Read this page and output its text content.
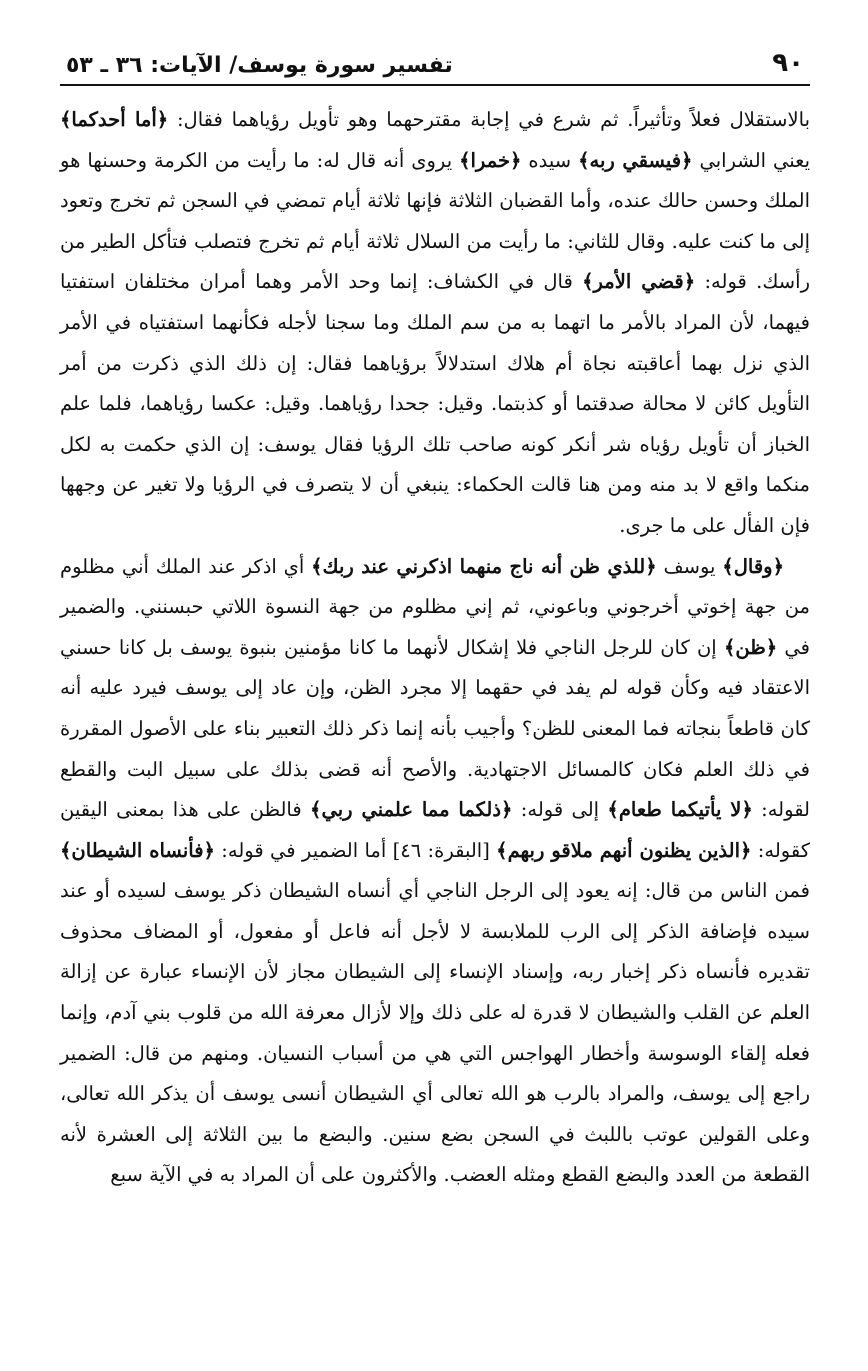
٩٠
تفسير سورة يوسف/ الآيات: ٣٦ ـ ٥٣

بالاستقلال فعلاً وتأثيراً. ثم شرع في إجابة مقترحهما وهو تأويل رؤياهما فقال: ﴿أما أحدكما﴾ يعني الشرابي ﴿فيسقي ربه﴾ سيده ﴿خمرا﴾ يروى أنه قال له: ما رأيت من الكرمة وحسنها هو الملك وحسن حالك عنده، وأما القضبان الثلاثة فإنها ثلاثة أيام تمضي في السجن ثم تخرج وتعود إلى ما كنت عليه. وقال للثاني: ما رأيت من السلال ثلاثة أيام ثم تخرج فتصلب فتأكل الطير من رأسك. قوله: ﴿قضي الأمر﴾ قال في الكشاف: إنما وحد الأمر وهما أمران مختلفان استفتيا فيهما، لأن المراد بالأمر ما اتهما به من سم الملك وما سجنا لأجله فكأنهما استفتياه في الأمر الذي نزل بهما أعاقبته نجاة أم هلاك استدلالاً برؤياهما فقال: إن ذلك الذي ذكرت من أمر التأويل كائن لا محالة صدقتما أو كذبتما. وقيل: جحدا رؤياهما. وقيل: عكسا رؤياهما، فلما علم الخباز أن تأويل رؤياه شر أنكر كونه صاحب تلك الرؤيا فقال يوسف: إن الذي حكمت به لكل منكما واقع لا بد منه ومن هنا قالت الحكماء: ينبغي أن لا يتصرف في الرؤيا ولا تغير عن وجهها فإن الفأل على ما جرى.

﴿وقال﴾ يوسف ﴿للذي ظن أنه ناج منهما اذكرني عند ربك﴾ أي اذكر عند الملك أني مظلوم من جهة إخوتي أخرجوني وباعوني، ثم إني مظلوم من جهة النسوة اللاتي حبسنني. والضمير في ﴿ظن﴾ إن كان للرجل الناجي فلا إشكال لأنهما ما كانا مؤمنين بنبوة يوسف بل كانا حسني الاعتقاد فيه وكأن قوله لم يفد في حقهما إلا مجرد الظن، وإن عاد إلى يوسف فيرد عليه أنه كان قاطعاً بنجاته فما المعنى للظن؟ وأجيب بأنه إنما ذكر ذلك التعبير بناء على الأصول المقررة في ذلك العلم فكان كالمسائل الاجتهادية. والأصح أنه قضى بذلك على سبيل البت والقطع لقوله: ﴿لا يأتيكما طعام﴾ إلى قوله: ﴿ذلكما مما علمني ربي﴾ فالظن على هذا بمعنى اليقين كقوله: ﴿الذين يظنون أنهم ملاقو ربهم﴾ [البقرة: ٤٦] أما الضمير في قوله: ﴿فأنساه الشيطان﴾ فمن الناس من قال: إنه يعود إلى الرجل الناجي أي أنساه الشيطان ذكر يوسف لسيده أو عند سيده فإضافة الذكر إلى الرب للملابسة لا لأجل أنه فاعل أو مفعول، أو المضاف محذوف تقديره فأنساه ذكر إخبار ربه، وإسناد الإنساء إلى الشيطان مجاز لأن الإنساء عبارة عن إزالة العلم عن القلب والشيطان لا قدرة له على ذلك وإلا لأزال معرفة الله من قلوب بني آدم، وإنما فعله إلقاء الوسوسة وأخطار الهواجس التي هي من أسباب النسيان. ومنهم من قال: الضمير راجع إلى يوسف، والمراد بالرب هو الله تعالى أي الشيطان أنسى يوسف أن يذكر الله تعالى، وعلى القولين عوتب باللبث في السجن بضع سنين. والبضع ما بين الثلاثة إلى العشرة لأنه القطعة من العدد والبضع القطع ومثله العضب. والأكثرون على أن المراد به في الآية سبع
